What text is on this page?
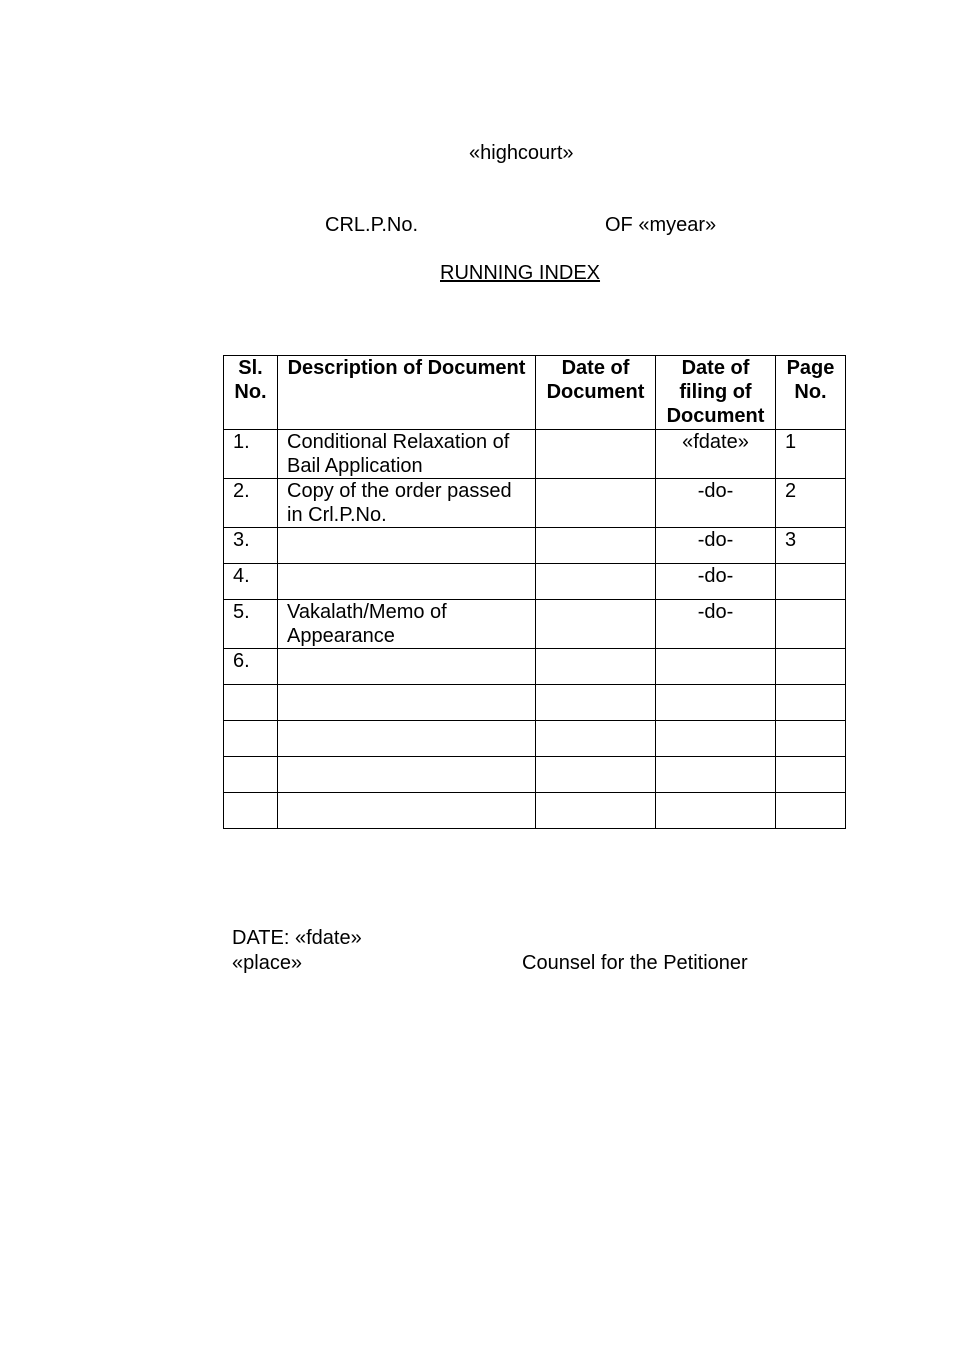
«highcourt»
CRL.P.No.	OF «myear»
RUNNING INDEX
Sl. No.	Description of Document	Date of Document	Date of filing of Document	Page No.
1.	Conditional Relaxation of Bail Application		«fdate»	1
2.	Copy of the order passed in Crl.P.No.		-do-	2
3.			-do-	3
4.			-do-	
5.	Vakalath/Memo of Appearance		-do-	
6.				

DATE: «fdate»
«place»	Counsel for the Petitioner
